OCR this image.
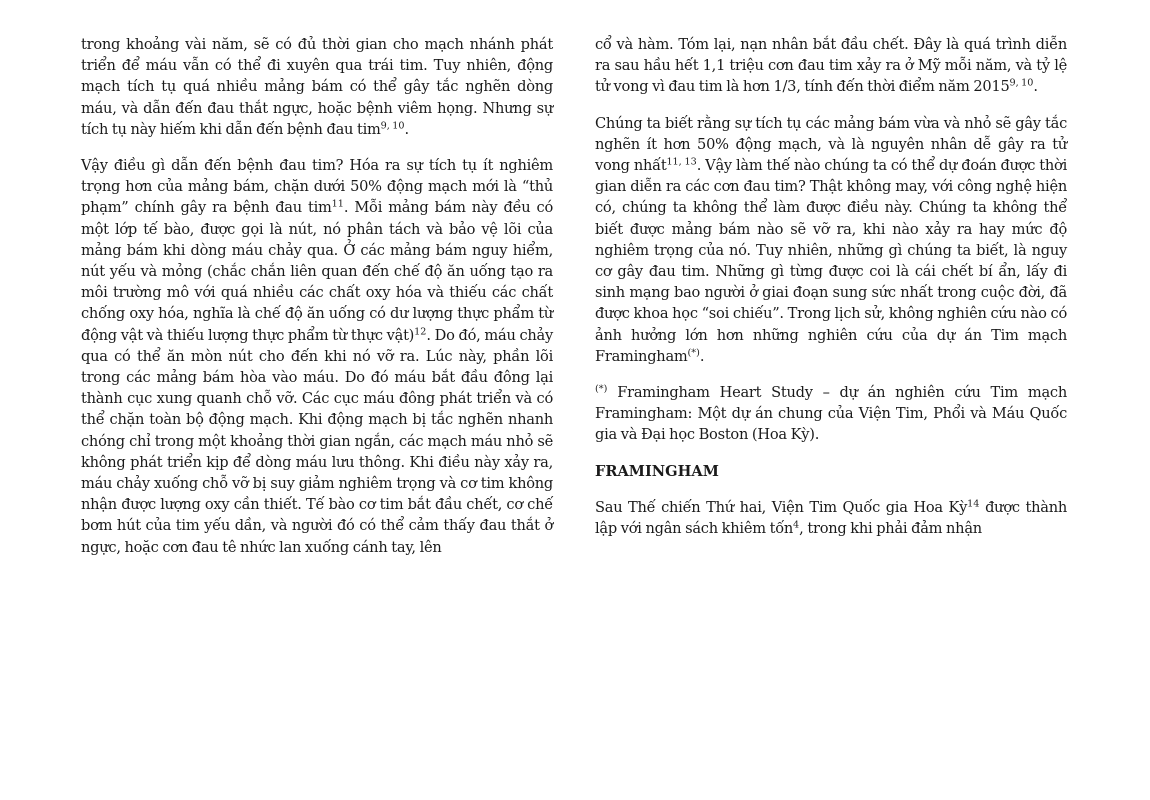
trong khoảng vài năm, sẽ có đủ thời gian cho mạch nhánh phát triển để máu vẫn có thể đi xuyên qua trái tim. Tuy nhiên, động mạch tích tụ quá nhiều mảng bám có thể gây tắc nghẽn dòng máu, và dẫn đến đau thắt ngực, hoặc bệnh viêm họng. Nhưng sự tích tụ này hiếm khi dẫn đến bệnh đau tim$^{9, 10}$.

Vậy điều gì dẫn đến bệnh đau tim? Hóa ra sự tích tụ ít nghiêm trọng hơn của mảng bám, chặn dưới 50% động mạch mới là “thủ phạm” chính gây ra bệnh đau tim$^{11}$. Mỗi mảng bám này đều có một lớp tế bào, được gọi là nút, nó phân tách và bảo vệ lõi của mảng bám khi dòng máu chảy qua. Ở các mảng bám nguy hiểm, nút yếu và mỏng (chắc chắn liên quan đến chế độ ăn uống tạo ra môi trường mô với quá nhiều các chất oxy hóa và thiếu các chất chống oxy hóa, nghĩa là chế độ ăn uống có dư lượng thực phẩm từ động vật và thiếu lượng thực phẩm từ thực vật)$^{12}$. Do đó, máu chảy qua có thể ăn mòn nút cho đến khi nó vỡ ra. Lúc này, phần lõi trong các mảng bám hòa vào máu. Do đó máu bắt đầu đông lại thành cục xung quanh chỗ vỡ. Các cục máu đông phát triển và có thể chặn toàn bộ động mạch. Khi động mạch bị tắc nghẽn nhanh chóng chỉ trong một khoảng thời gian ngắn, các mạch máu nhỏ sẽ không phát triển kịp để dòng máu lưu thông. Khi điều này xảy ra, máu chảy xuống chỗ vỡ bị suy giảm nghiêm trọng và cơ tim không nhận được lượng oxy cần thiết. Tế bào cơ tim bắt đầu chết, cơ chế bơm hút của tim yếu dần, và người đó có thể cảm thấy đau thắt ở ngực, hoặc cơn đau tê nhức lan xuống cánh tay, lên

cổ và hàm. Tóm lại, nạn nhân bắt đầu chết. Đây là quá trình diễn ra sau hầu hết 1,1 triệu cơn đau tim xảy ra ở Mỹ mỗi năm, và tỷ lệ tử vong vì đau tim là hơn 1/3, tính đến thời điểm năm 2015$^{9, 10}$.

Chúng ta biết rằng sự tích tụ các mảng bám vừa và nhỏ sẽ gây tắc nghẽn ít hơn 50% động mạch, và là nguyên nhân dễ gây ra tử vong nhất$^{11, 13}$. Vậy làm thế nào chúng ta có thể dự đoán được thời gian diễn ra các cơn đau tim? Thật không may, với công nghệ hiện có, chúng ta không thể làm được điều này. Chúng ta không thể biết được mảng bám nào sẽ vỡ ra, khi nào xảy ra hay mức độ nghiêm trọng của nó. Tuy nhiên, những gì chúng ta biết, là nguy cơ gây đau tim. Những gì từng được coi là cái chết bí ẩn, lấy đi sinh mạng bao người ở giai đoạn sung sức nhất trong cuộc đời, đã được khoa học “soi chiếu”. Trong lịch sử, không nghiên cứu nào có ảnh hưởng lớn hơn những nghiên cứu của dự án Tim mạch Framingham(*).

(*) Framingham Heart Study – dự án nghiên cứu Tim mạch Framingham: Một dự án chung của Viện Tim, Phổi và Máu Quốc gia và Đại học Boston (Hoa Kỳ).

FRAMINGHAM

Sau Thế chiến Thứ hai, Viện Tim Quốc gia Hoa Kỳ$^{14}$ được thành lập với ngân sách khiêm tốn$^4$, trong khi phải đảm nhận
